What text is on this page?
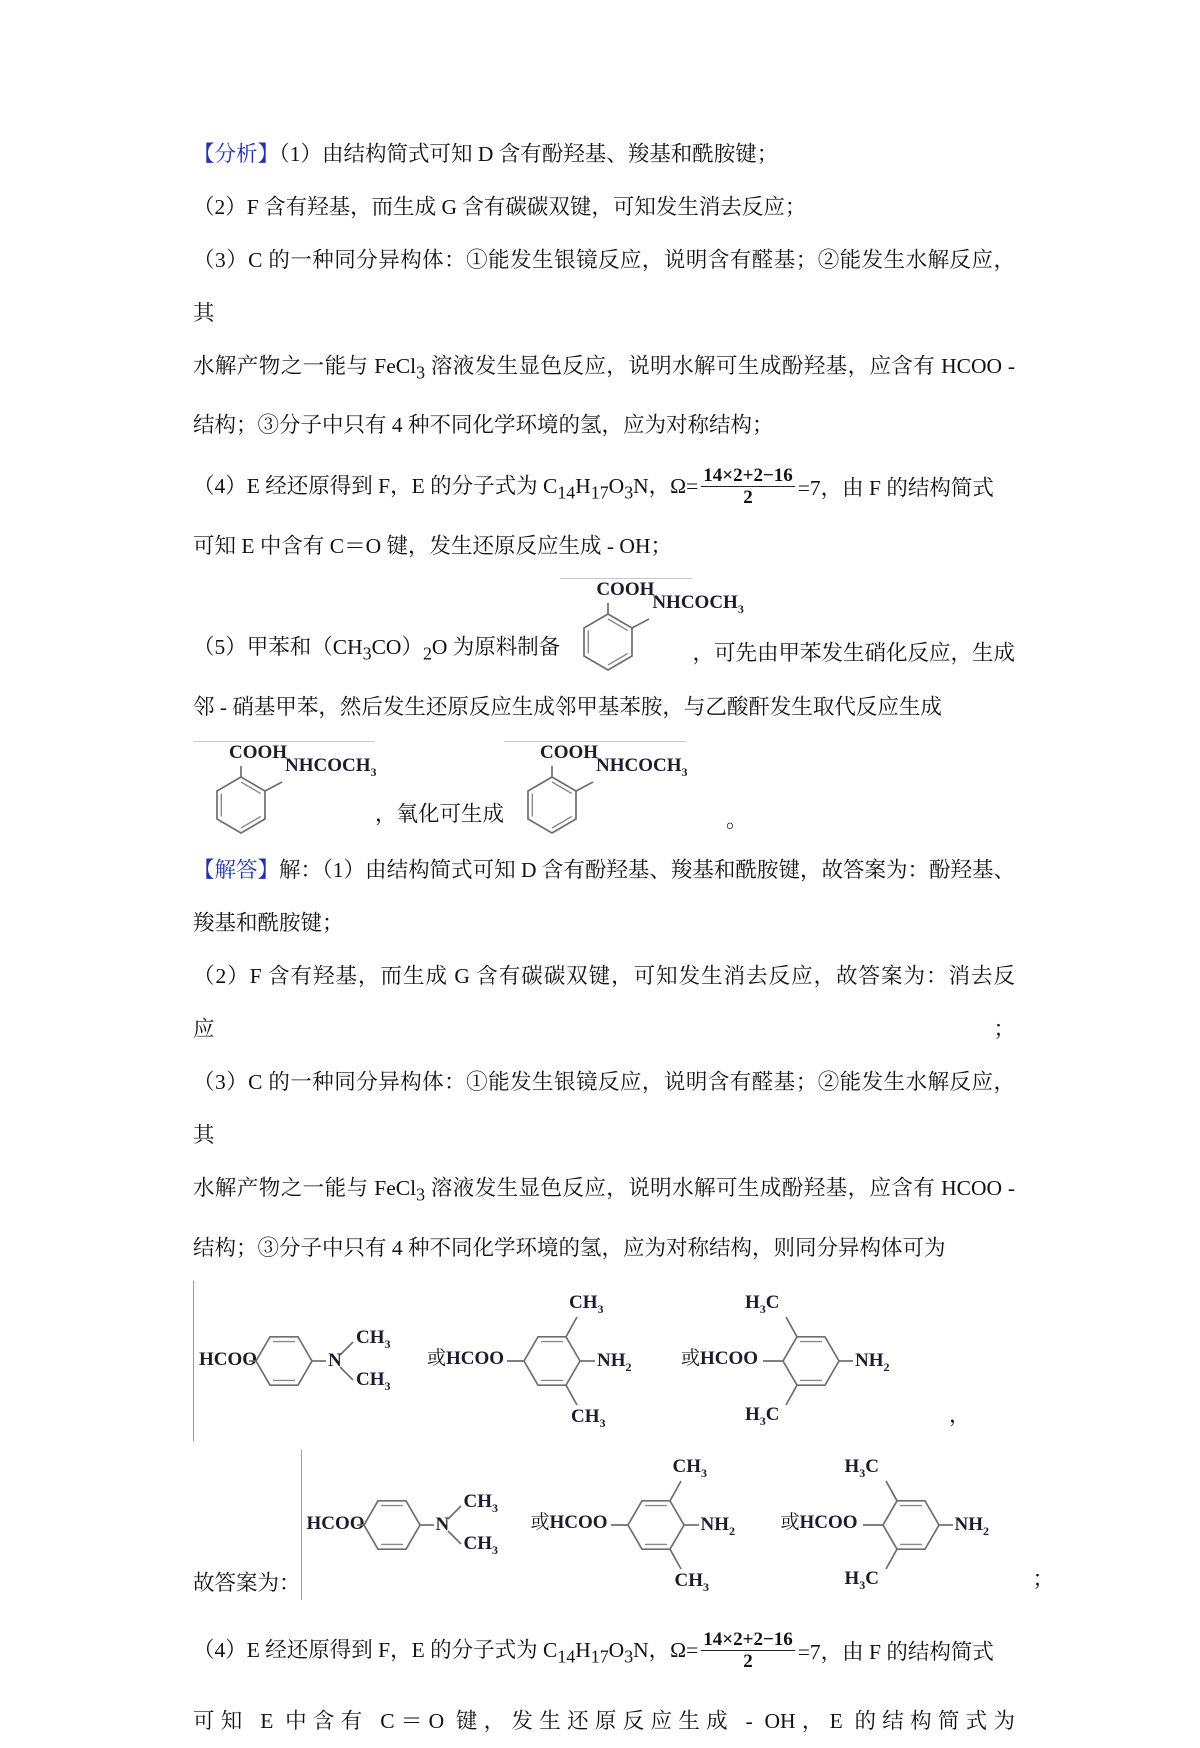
【分析】（1）由结构简式可知 D 含有酚羟基、羧基和酰胺键；
（2）F 含有羟基，而生成 G 含有碳碳双键，可知发生消去反应；
（3）C 的一种同分异构体：①能发生银镜反应，说明含有醛基；②能发生水解反应，其
水解产物之一能与 FeCl$_3$ 溶液发生显色反应，说明水解可生成酚羟基，应含有 HCOO -
结构；③分子中只有 4 种不同化学环境的氢，应为对称结构；
（4）E 经还原得到 F，E 的分子式为 $C_{14}H_{17}O_3N$，$\Omega= \frac{14\times 2+2-16}{2} =7$，由 F 的结构简式
可知 E 中含有 C＝O 键，发生还原反应生成 - OH；
（5）甲苯和$(CH_3CO)_2O$ 为原料制备
COOH
$NHCOCH_3$
，可先由甲苯发生硝化反应，生成
邻 - 硝基甲苯，然后发生还原反应生成邻甲基苯胺，与乙酸酐发生取代反应生成
COOH
$NHCOCH_3$
，氧化可生成
COOH
$NHCOCH_3$
。
【解答】解：（1）由结构简式可知 D 含有酚羟基、羧基和酰胺键，故答案为：酚羟基、
羧基和酰胺键；
（2）F 含有羟基，而生成 G 含有碳碳双键，可知发生消去反应，故答案为：消去反应；
（3）C 的一种同分异构体：①能发生银镜反应，说明含有醛基；②能发生水解反应，其
水解产物之一能与 FeCl$_3$ 溶液发生显色反应，说明水解可生成酚羟基，应含有 HCOO -
结构；③分子中只有 4 种不同化学环境的氢，应为对称结构，则同分异构体可为
HCOO	N
$CH_3$
$CH_3$
或HCOO
$CH_3$
$CH_3$
$NH_2$	或HCOO
$H_3C$
$H_3C$
$NH_2$
，
故答案为：
HCOO	N
$CH_3$
$CH_3$
或HCOO
$CH_3$
$CH_3$
$NH_2$ 或HCOO
$H_3C$
$H_3C$
$NH_2$
；
（4）E 经还原得到 F，E 的分子式为 $C_{14}H_{17}O_3N$，$\Omega= \frac{14\times 2+2-16}{2} =7$，由 F 的结构简式
可知 E 中含有 C＝O 键，发生还原反应生成 - OH，E 的结构简式为
